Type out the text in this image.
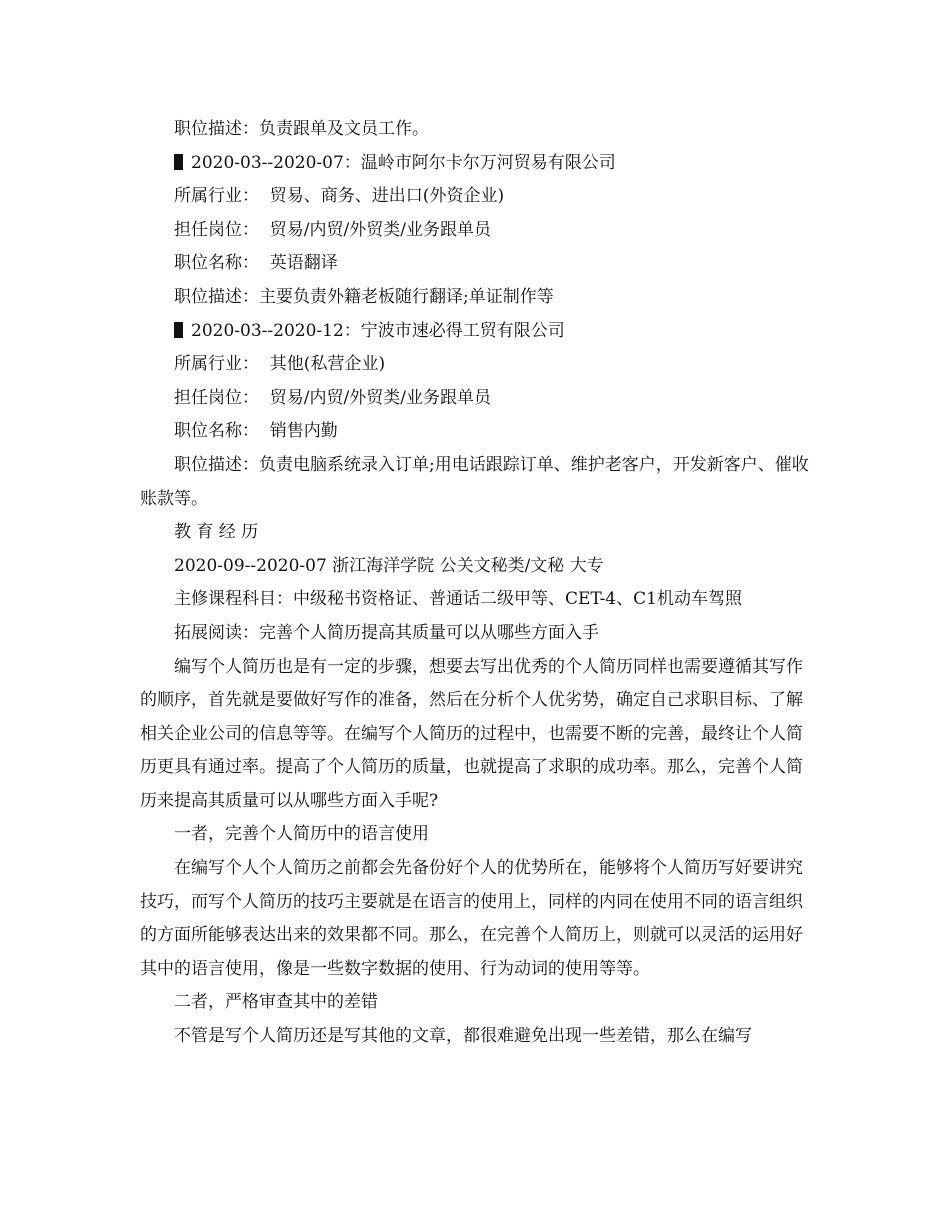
职位描述：负责跟单及文员工作。

2020-03--2020-07：温岭市阿尔卡尔万河贸易有限公司

所属行业：  贸易、商务、进出口(外资企业)

担任岗位：  贸易/内贸/外贸类/业务跟单员

职位名称：  英语翻译

职位描述：主要负责外籍老板随行翻译;单证制作等

2020-03--2020-12：宁波市速必得工贸有限公司

所属行业：  其他(私营企业)

担任岗位：  贸易/内贸/外贸类/业务跟单员

职位名称：  销售内勤

职位描述：负责电脑系统录入订单;用电话跟踪订单、维护老客户，开发新客户、催收账款等。

教 育 经 历

2020-09--2020-07 浙江海洋学院 公关文秘类/文秘 大专

主修课程科目：中级秘书资格证、普通话二级甲等、CET-4、C1机动车驾照

拓展阅读：完善个人简历提高其质量可以从哪些方面入手

编写个人简历也是有一定的步骤，想要去写出优秀的个人简历同样也需要遵循其写作的顺序，首先就是要做好写作的准备，然后在分析个人优劣势，确定自己求职目标、了解相关企业公司的信息等等。在编写个人简历的过程中，也需要不断的完善，最终让个人简历更具有通过率。提高了个人简历的质量，也就提高了求职的成功率。那么，完善个人简历来提高其质量可以从哪些方面入手呢?

一者，完善个人简历中的语言使用

在编写个人个人简历之前都会先备份好个人的优势所在，能够将个人简历写好要讲究技巧，而写个人简历的技巧主要就是在语言的使用上，同样的内同在使用不同的语言组织的方面所能够表达出来的效果都不同。那么，在完善个人简历上，则就可以灵活的运用好其中的语言使用，像是一些数字数据的使用、行为动词的使用等等。

二者，严格审查其中的差错

不管是写个人简历还是写其他的文章，都很难避免出现一些差错，那么在编写
